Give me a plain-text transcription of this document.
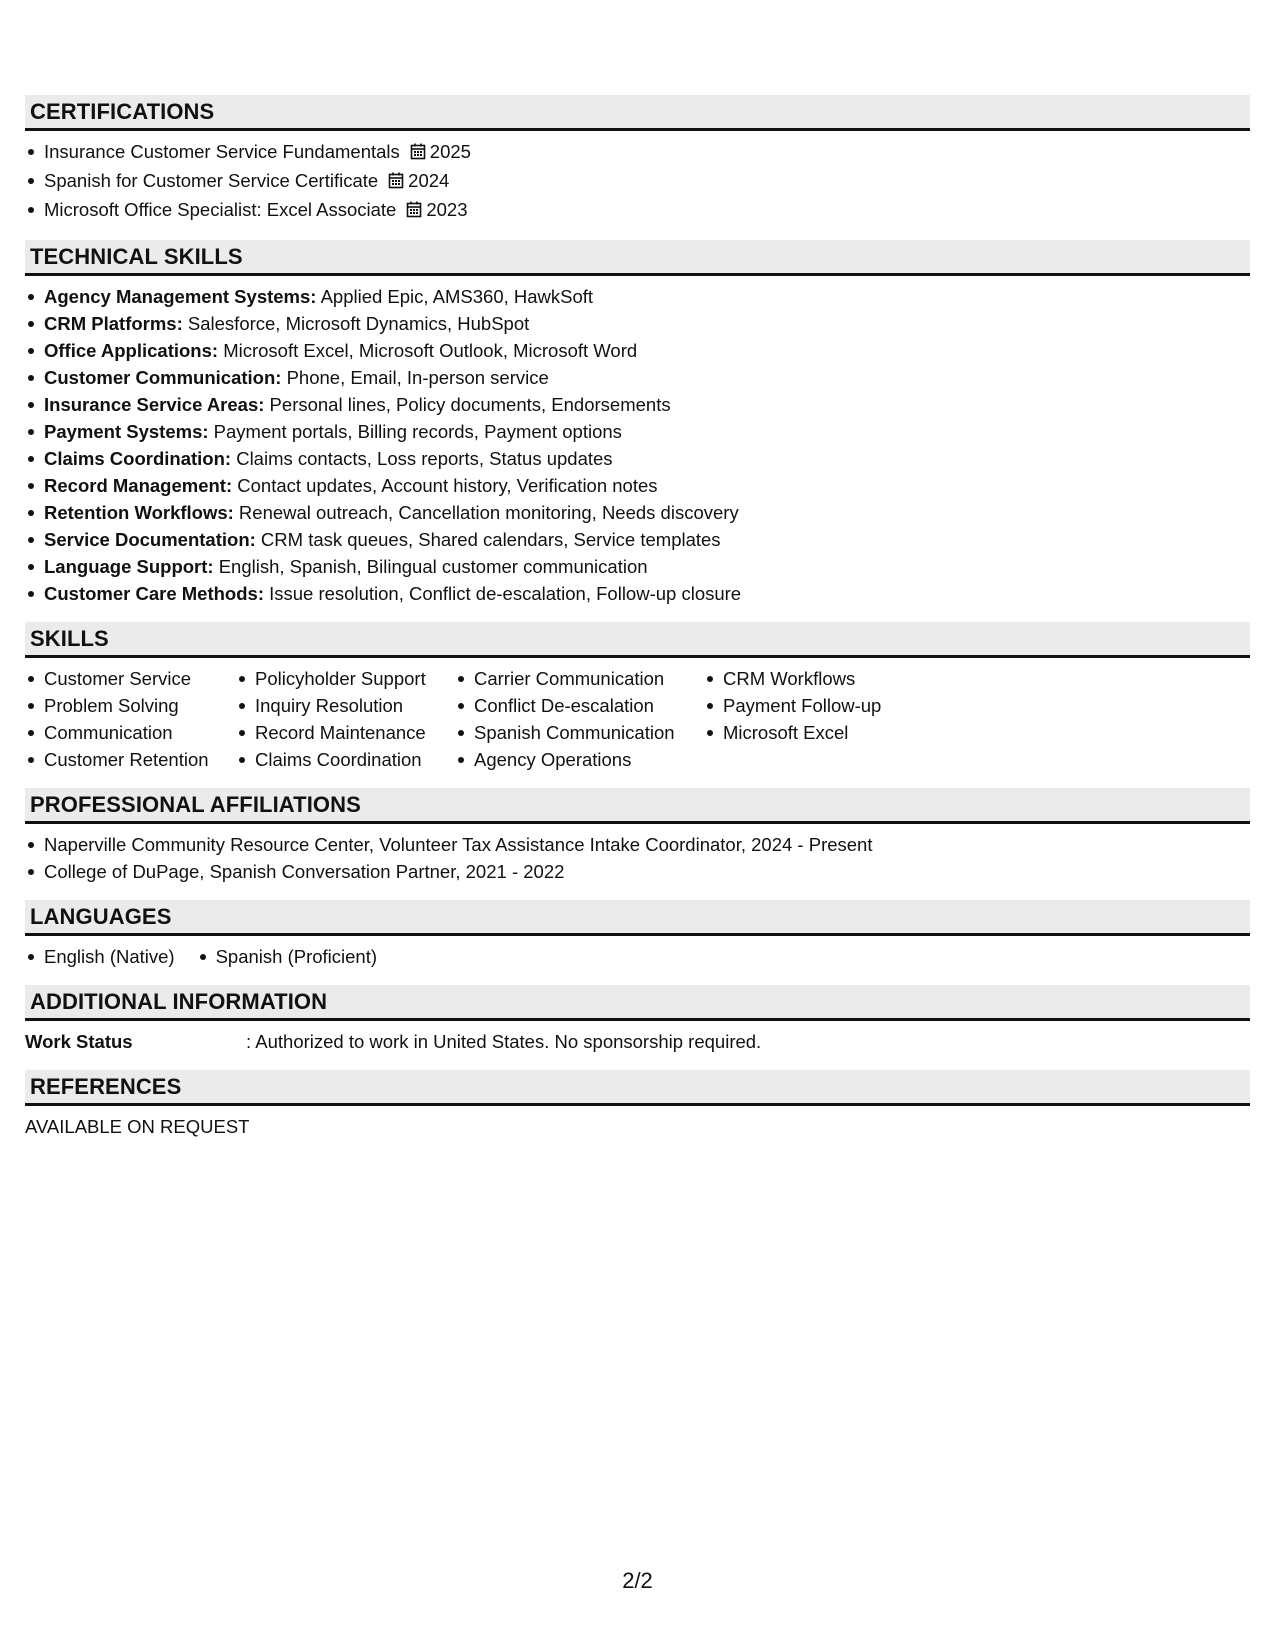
CERTIFICATIONS
Insurance Customer Service Fundamentals 2025
Spanish for Customer Service Certificate 2024
Microsoft Office Specialist: Excel Associate 2023
TECHNICAL SKILLS
Agency Management Systems: Applied Epic, AMS360, HawkSoft
CRM Platforms: Salesforce, Microsoft Dynamics, HubSpot
Office Applications: Microsoft Excel, Microsoft Outlook, Microsoft Word
Customer Communication: Phone, Email, In-person service
Insurance Service Areas: Personal lines, Policy documents, Endorsements
Payment Systems: Payment portals, Billing records, Payment options
Claims Coordination: Claims contacts, Loss reports, Status updates
Record Management: Contact updates, Account history, Verification notes
Retention Workflows: Renewal outreach, Cancellation monitoring, Needs discovery
Service Documentation: CRM task queues, Shared calendars, Service templates
Language Support: English, Spanish, Bilingual customer communication
Customer Care Methods: Issue resolution, Conflict de-escalation, Follow-up closure
SKILLS
Customer Service
Problem Solving
Communication
Customer Retention
Policyholder Support
Inquiry Resolution
Record Maintenance
Claims Coordination
Carrier Communication
Conflict De-escalation
Spanish Communication
Agency Operations
CRM Workflows
Payment Follow-up
Microsoft Excel
PROFESSIONAL AFFILIATIONS
Naperville Community Resource Center, Volunteer Tax Assistance Intake Coordinator, 2024 - Present
College of DuPage, Spanish Conversation Partner, 2021 - 2022
LANGUAGES
English (Native)	Spanish (Proficient)
ADDITIONAL INFORMATION
Work Status	: Authorized to work in United States. No sponsorship required.
REFERENCES
AVAILABLE ON REQUEST
2/2
